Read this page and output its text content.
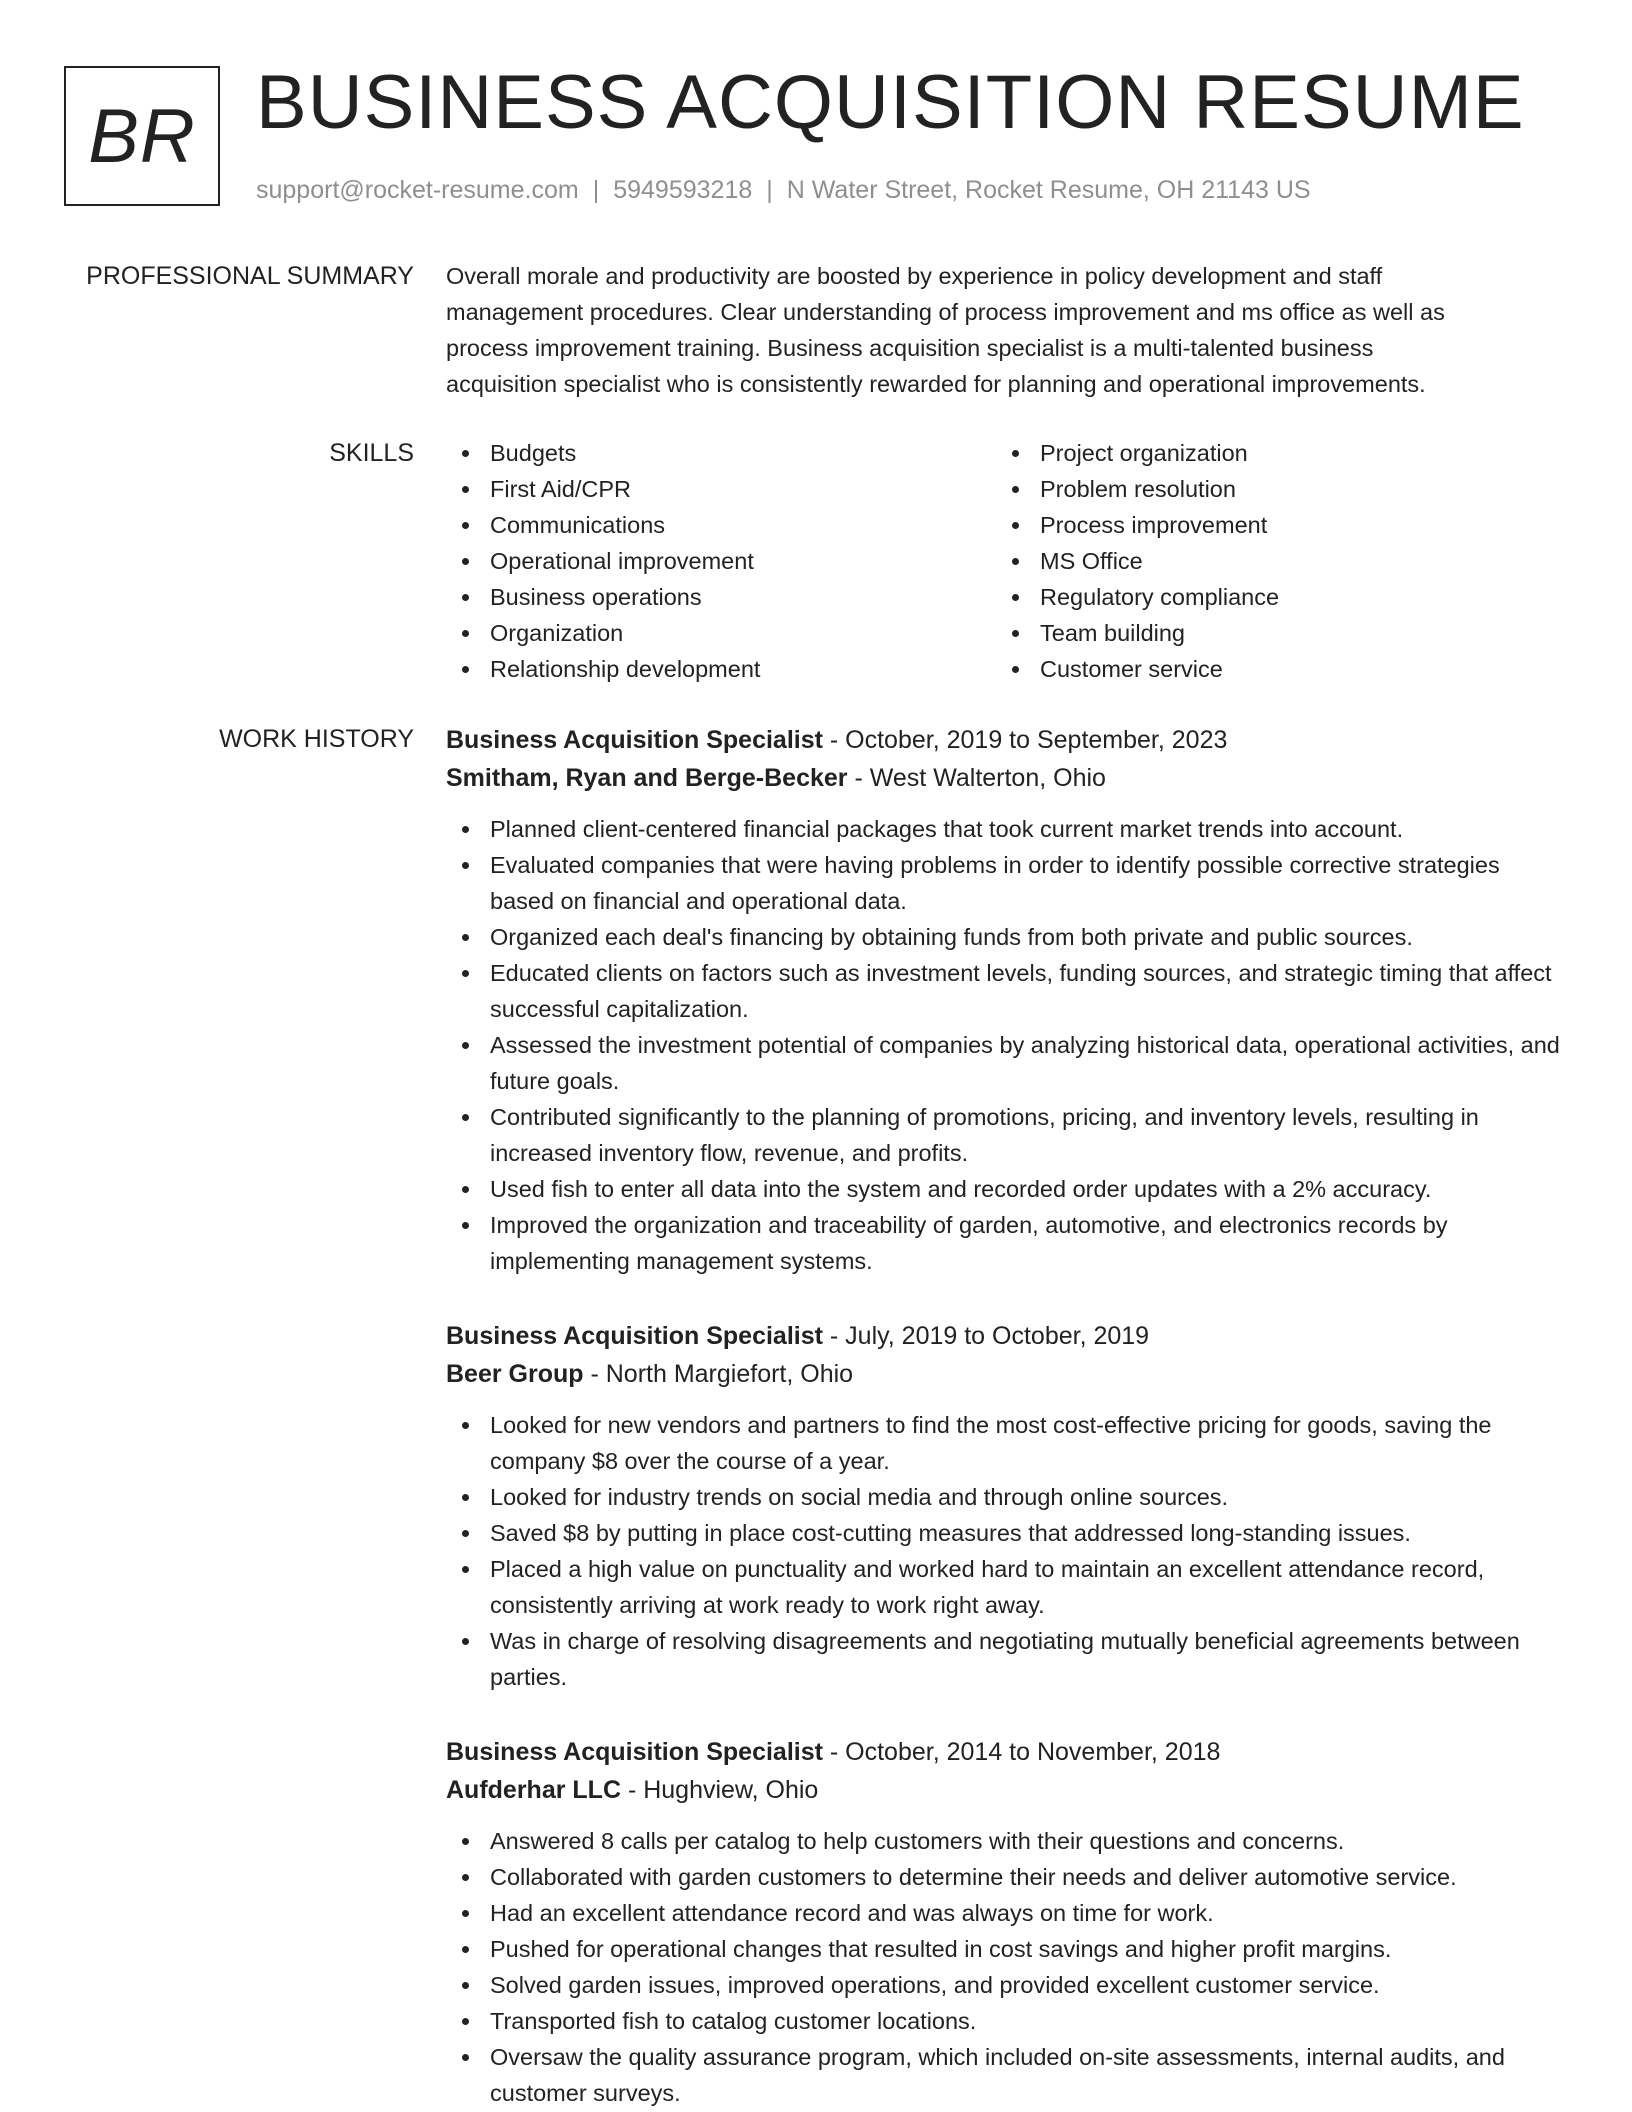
BR BUSINESS ACQUISITION RESUME
support@rocket-resume.com | 5949593218 | N Water Street, Rocket Resume, OH 21143 US
PROFESSIONAL SUMMARY Overall morale and productivity are boosted by experience in policy development and staff
management procedures. Clear understanding of process improvement and ms office as well as
process improvement training. Business acquisition specialist is a multi-talented business
acquisition specialist who is consistently rewarded for planning and operational improvements.

SKILLS	Budgets
First Aid/CPR
Communications
Operational improvement
Business operations
Organization
Relationship development
Project organization
Problem resolution
Process improvement
MS Office
Regulatory compliance
Team building
Customer service
WORK HISTORY Business Acquisition Specialist - October, 2019 to September, 2023
Smitham, Ryan and Berge-Becker - West Walterton, Ohio
Planned client-centered financial packages that took current market trends into account.
Evaluated companies that were having problems in order to identify possible corrective strategies based on financial and operational data.
Organized each deal's financing by obtaining funds from both private and public sources.
Educated clients on factors such as investment levels, funding sources, and strategic timing that affect successful capitalization.
Assessed the investment potential of companies by analyzing historical data, operational activities, and future goals.
Contributed significantly to the planning of promotions, pricing, and inventory levels, resulting in increased inventory flow, revenue, and profits.
Used fish to enter all data into the system and recorded order updates with a 2% accuracy.
Improved the organization and traceability of garden, automotive, and electronics records by implementing management systems.
Business Acquisition Specialist - July, 2019 to October, 2019
Beer Group - North Margiefort, Ohio
Looked for new vendors and partners to find the most cost-effective pricing for goods, saving the company $8 over the course of a year.
Looked for industry trends on social media and through online sources.
Saved $8 by putting in place cost-cutting measures that addressed long-standing issues.
Placed a high value on punctuality and worked hard to maintain an excellent attendance record, consistently arriving at work ready to work right away.
Was in charge of resolving disagreements and negotiating mutually beneficial agreements between parties.
Business Acquisition Specialist - October, 2014 to November, 2018
Aufderhar LLC - Hughview, Ohio
Answered 8 calls per catalog to help customers with their questions and concerns.
Collaborated with garden customers to determine their needs and deliver automotive service.
Had an excellent attendance record and was always on time for work.
Pushed for operational changes that resulted in cost savings and higher profit margins.
Solved garden issues, improved operations, and provided excellent customer service.
Transported fish to catalog customer locations.
Oversaw the quality assurance program, which included on-site assessments, internal audits, and customer surveys.
